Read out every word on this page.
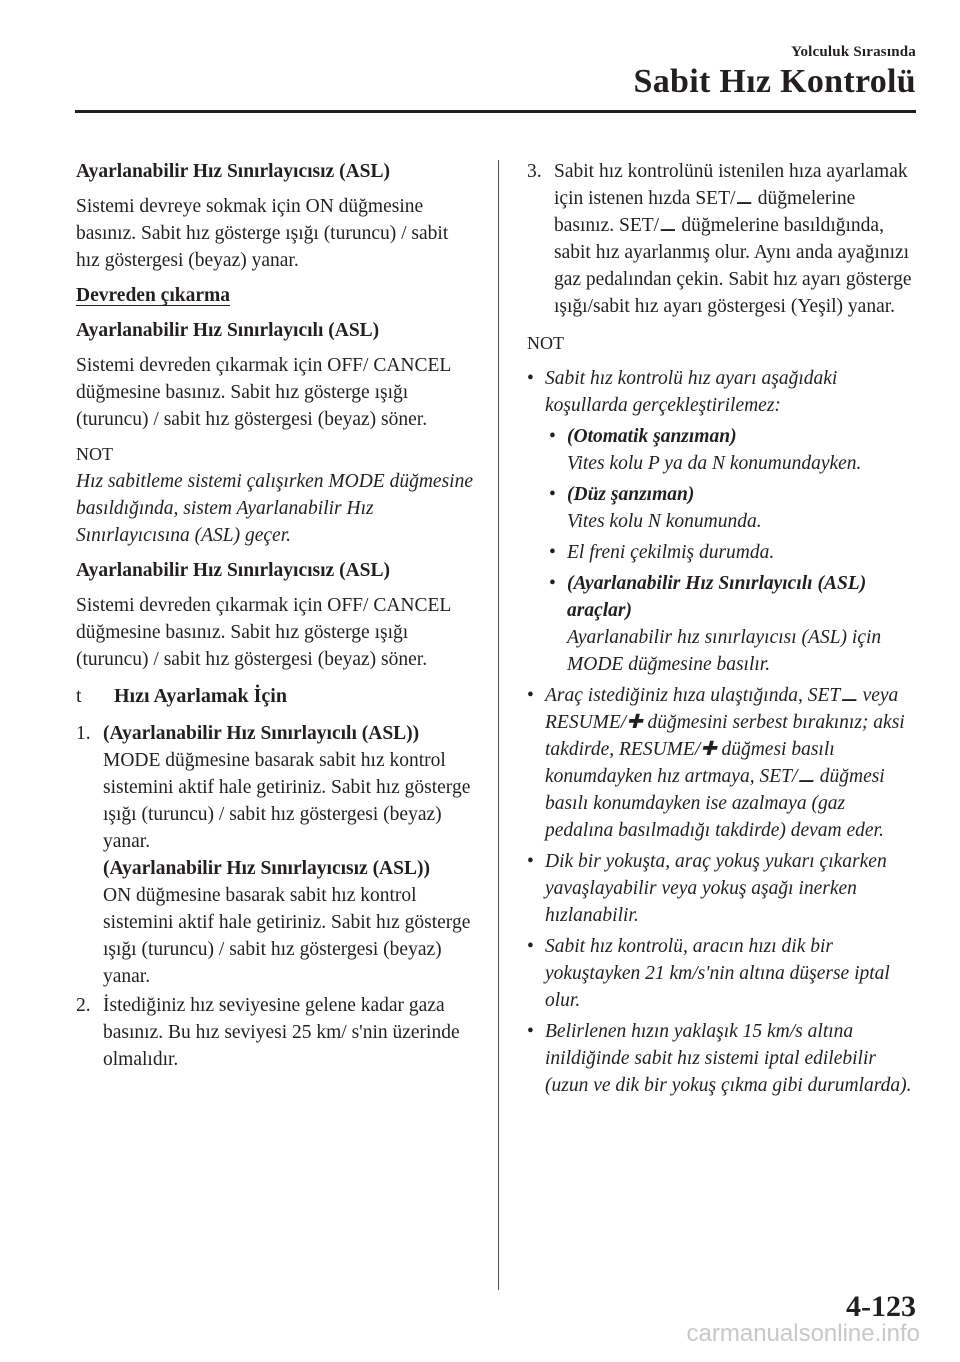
Yolculuk Sırasında
Sabit Hız Kontrolü

Ayarlanabilir Hız Sınırlayıcısız (ASL)

Sistemi devreye sokmak için ON düğmesine basınız. Sabit hız gösterge ışığı (turuncu) / sabit hız göstergesi (beyaz) yanar.

Devreden çıkarma

Ayarlanabilir Hız Sınırlayıcılı (ASL)

Sistemi devreden çıkarmak için OFF/ CANCEL düğmesine basınız. Sabit hız gösterge ışığı (turuncu) / sabit hız göstergesi (beyaz) söner.

NOT

Hız sabitleme sistemi çalışırken MODE düğmesine basıldığında, sistem Ayarlanabilir Hız Sınırlayıcısına (ASL) geçer.

Ayarlanabilir Hız Sınırlayıcısız (ASL)

Sistemi devreden çıkarmak için OFF/ CANCEL düğmesine basınız. Sabit hız gösterge ışığı (turuncu) / sabit hız göstergesi (beyaz) söner.

t	Hızı Ayarlamak İçin
1. (Ayarlanabilir Hız Sınırlayıcılı (ASL))
MODE düğmesine basarak sabit hız kontrol sistemini aktif hale getiriniz. Sabit hız gösterge ışığı (turuncu) / sabit hız göstergesi (beyaz) yanar.
(Ayarlanabilir Hız Sınırlayıcısız (ASL))
ON düğmesine basarak sabit hız kontrol sistemini aktif hale getiriniz. Sabit hız gösterge ışığı (turuncu) / sabit hız göstergesi (beyaz) yanar.
2. İstediğiniz hız seviyesine gelene kadar gaza basınız. Bu hız seviyesi 25 km/ s'nin üzerinde olmalıdır.
3. Sabit hız kontrolünü istenilen hıza ayarlamak için istenen hızda SET/⚊ düğmelerine basınız. SET/⚊ düğmelerine basıldığında, sabit hız ayarlanmış olur. Aynı anda ayağınızı gaz pedalından çekin. Sabit hız ayarı gösterge ışığı/sabit hız ayarı göstergesi (Yeşil) yanar.

NOT

• Sabit hız kontrolü hız ayarı aşağıdaki koşullarda gerçekleştirilemez:
• (Otomatik şanzıman)
Vites kolu P ya da N konumundayken.
• (Düz şanzıman)
Vites kolu N konumunda.
• El freni çekilmiş durumda.
• (Ayarlanabilir Hız Sınırlayıcılı (ASL) araçlar)
Ayarlanabilir hız sınırlayıcısı (ASL) için MODE düğmesine basılır.
• Araç istediğiniz hıza ulaştığında, SET⚊ veya RESUME/✚ düğmesini serbest bırakınız; aksi takdirde, RESUME/✚ düğmesi basılı konumdayken hız artmaya, SET/⚊ düğmesi basılı konumdayken ise azalmaya (gaz pedalına basılmadığı takdirde) devam eder.
• Dik bir yokuşta, araç yokuş yukarı çıkarken yavaşlayabilir veya yokuş aşağı inerken hızlanabilir.
• Sabit hız kontrolü, aracın hızı dik bir yokuştayken 21 km/s'nin altına düşerse iptal olur.
• Belirlenen hızın yaklaşık 15 km/s altına inildiğinde sabit hız sistemi iptal edilebilir (uzun ve dik bir yokuş çıkma gibi durumlarda).
4-123
carmanualsonline.info
